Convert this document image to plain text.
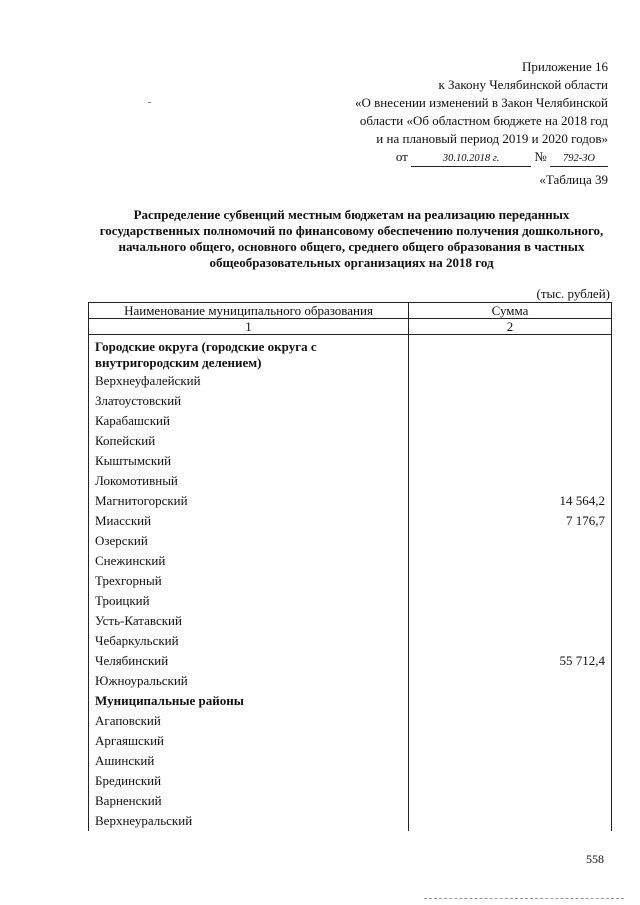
Приложение 16
к Закону Челябинской области
«О внесении изменений в Закон Челябинской
области «Об областном бюджете на 2018 год
и на плановый период 2019 и 2020 годов»
от	30.10.2018 г.	№ 792-ЗО
«Таблица 39
Распределение субвенций местным бюджетам на реализацию переданных государственных полномочий по финансовому обеспечению получения дошкольного, начального общего, основного общего, среднего общего образования в частных общеобразовательных организациях на 2018 год
(тыс. рублей)
Наименование муниципального образования	Сумма
1	2
Городские округа (городские округа с внутригородским делением)	
Верхнеуфалейский	
Златоустовский	
Карабашский	
Копейский	
Кыштымский	
Локомотивный	
Магнитогорский	14 564,2
Миасский	7 176,7
Озерский	
Снежинский	
Трехгорный	
Троицкий	
Усть-Катавский	
Чебаркульский	
Челябинский	55 712,4
Южноуральский	
Муниципальные районы	
Агаповский	
Аргаяшский	
Ашинский	
Брединский	
Варненский	
Верхнеуральский	
558
